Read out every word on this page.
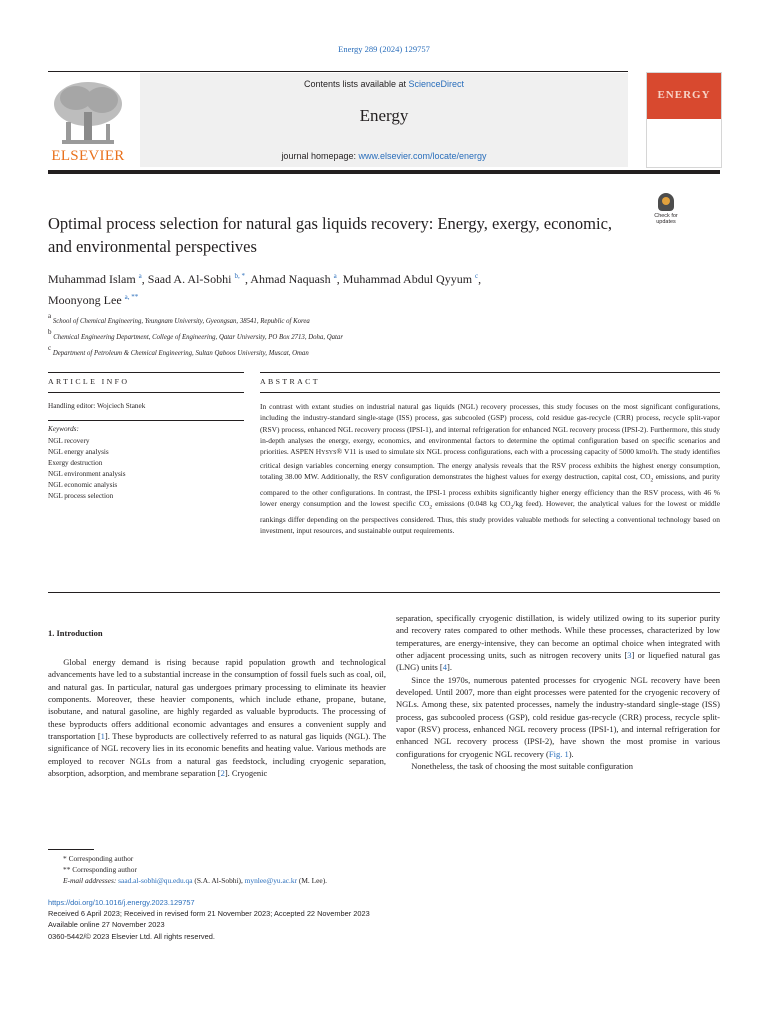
Energy 289 (2024) 129757
ELSEVIER
Contents lists available at ScienceDirect
Energy
journal homepage: www.elsevier.com/locate/energy
ENERGY
Check for updates
Optimal process selection for natural gas liquids recovery: Energy, exergy, economic, and environmental perspectives
Muhammad Islam $^a$, Saad A. Al-Sobhi $^{b, *}$, Ahmad Naquash $^a$, Muhammad Abdul Qyyum $^c$,
Moonyong Lee $^{a, **}$
a School of Chemical Engineering, Yeungnam University, Gyeongsan, 38541, Republic of Korea
b Chemical Engineering Department, College of Engineering, Qatar University, PO Box 2713, Doha, Qatar
c Department of Petroleum & Chemical Engineering, Sultan Qaboos University, Muscat, Oman
ARTICLE INFO	ABSTRACT
Handling editor: Wojciech Stanek
Keywords:
NGL recovery
NGL energy analysis
Exergy destruction
NGL environment analysis
NGL economic analysis
NGL process selection
In contrast with extant studies on industrial natural gas liquids (NGL) recovery processes, this study focuses on the most significant configurations, including the industry-standard single-stage (ISS) process, gas subcooled (GSP) process, cold residue gas-recycle (CRR) process, recycle split-vapor (RSV) process, enhanced NGL recovery process (IPSI-1), and internal refrigeration for enhanced NGL recovery process (IPSI-2). Furthermore, this study in-depth analyses the energy, exergy, economics, and environmental factors to determine the optimal configuration based on specific scenarios and priorities. ASPEN HYSYS® V11 is used to simulate six NGL process configurations, each with a processing capacity of 5000 kmol/h. The study identifies critical design variables concerning energy consumption. The energy analysis reveals that the RSV process exhibits the highest energy consumption, totaling 38.00 MW. Additionally, the RSV configuration demonstrates the highest values for exergy destruction, capital cost, $CO_2$ emissions, and purity compared to the other configurations. In contrast, the IPSI-1 process exhibits significantly higher energy efficiency than the RSV process, with 46 % lower energy consumption and the lowest specific $CO_2$ emissions (0.048 kg $CO_2/kg$ feed). However, the analytical values for the lowest or middle rankings differ depending on the perspectives considered. Thus, this study provides valuable methods for selecting a conventional technology based on investment, input resources, and sustainable output requirements.
1. Introduction

Global energy demand is rising because rapid population growth and technological advancements have led to a substantial increase in the consumption of fossil fuels such as coal, oil, and natural gas. In particular, natural gas undergoes primary processing to eliminate its heavier components. Moreover, these heavier components, which include ethane, propane, butane, isobutane, and natural gasoline, are highly regarded as valuable byproducts. The processing of these byproducts offers additional economic advantages and ensures a convenient supply and transportation [1]. These byproducts are collectively referred to as natural gas liquids (NGL). The significance of NGL recovery lies in its economic benefits and heating value. Various methods are employed to recover NGLs from a natural gas feedstock, including cryogenic separation, absorption, adsorption, and membrane separation [2]. Cryogenic

separation, specifically cryogenic distillation, is widely utilized owing to its superior purity and recovery rates compared to other methods. While these processes, characterized by low temperatures, are energy-intensive, they can become an optimal choice when integrated with other adjacent processing units, such as nitrogen recovery units [3] or liquefied natural gas (LNG) units [4].

Since the 1970s, numerous patented processes for cryogenic NGL recovery have been developed. Until 2007, more than eight processes were patented for the cryogenic recovery of NGLs. Among these, six patented processes, namely the industry-standard single-stage (ISS) process, gas subcooled process (GSP), cold residue gas-recycle (CRR) process, recycle split-vapor (RSV) process, enhanced NGL recovery process (IPSI-1), and internal refrigeration for enhanced NGL recovery process (IPSI-2), have shown the most promise in various configurations for cryogenic NGL recovery (Fig. 1).

Nonetheless, the task of choosing the most suitable configuration

* Corresponding author
** Corresponding author
E-mail addresses: saad.al-sobhi@qu.edu.qa (S.A. Al-Sobhi), mynlee@yu.ac.kr (M. Lee).
https://doi.org/10.1016/j.energy.2023.129757
Received 6 April 2023; Received in revised form 21 November 2023; Accepted 22 November 2023
Available online 27 November 2023
0360-5442/© 2023 Elsevier Ltd. All rights reserved.
